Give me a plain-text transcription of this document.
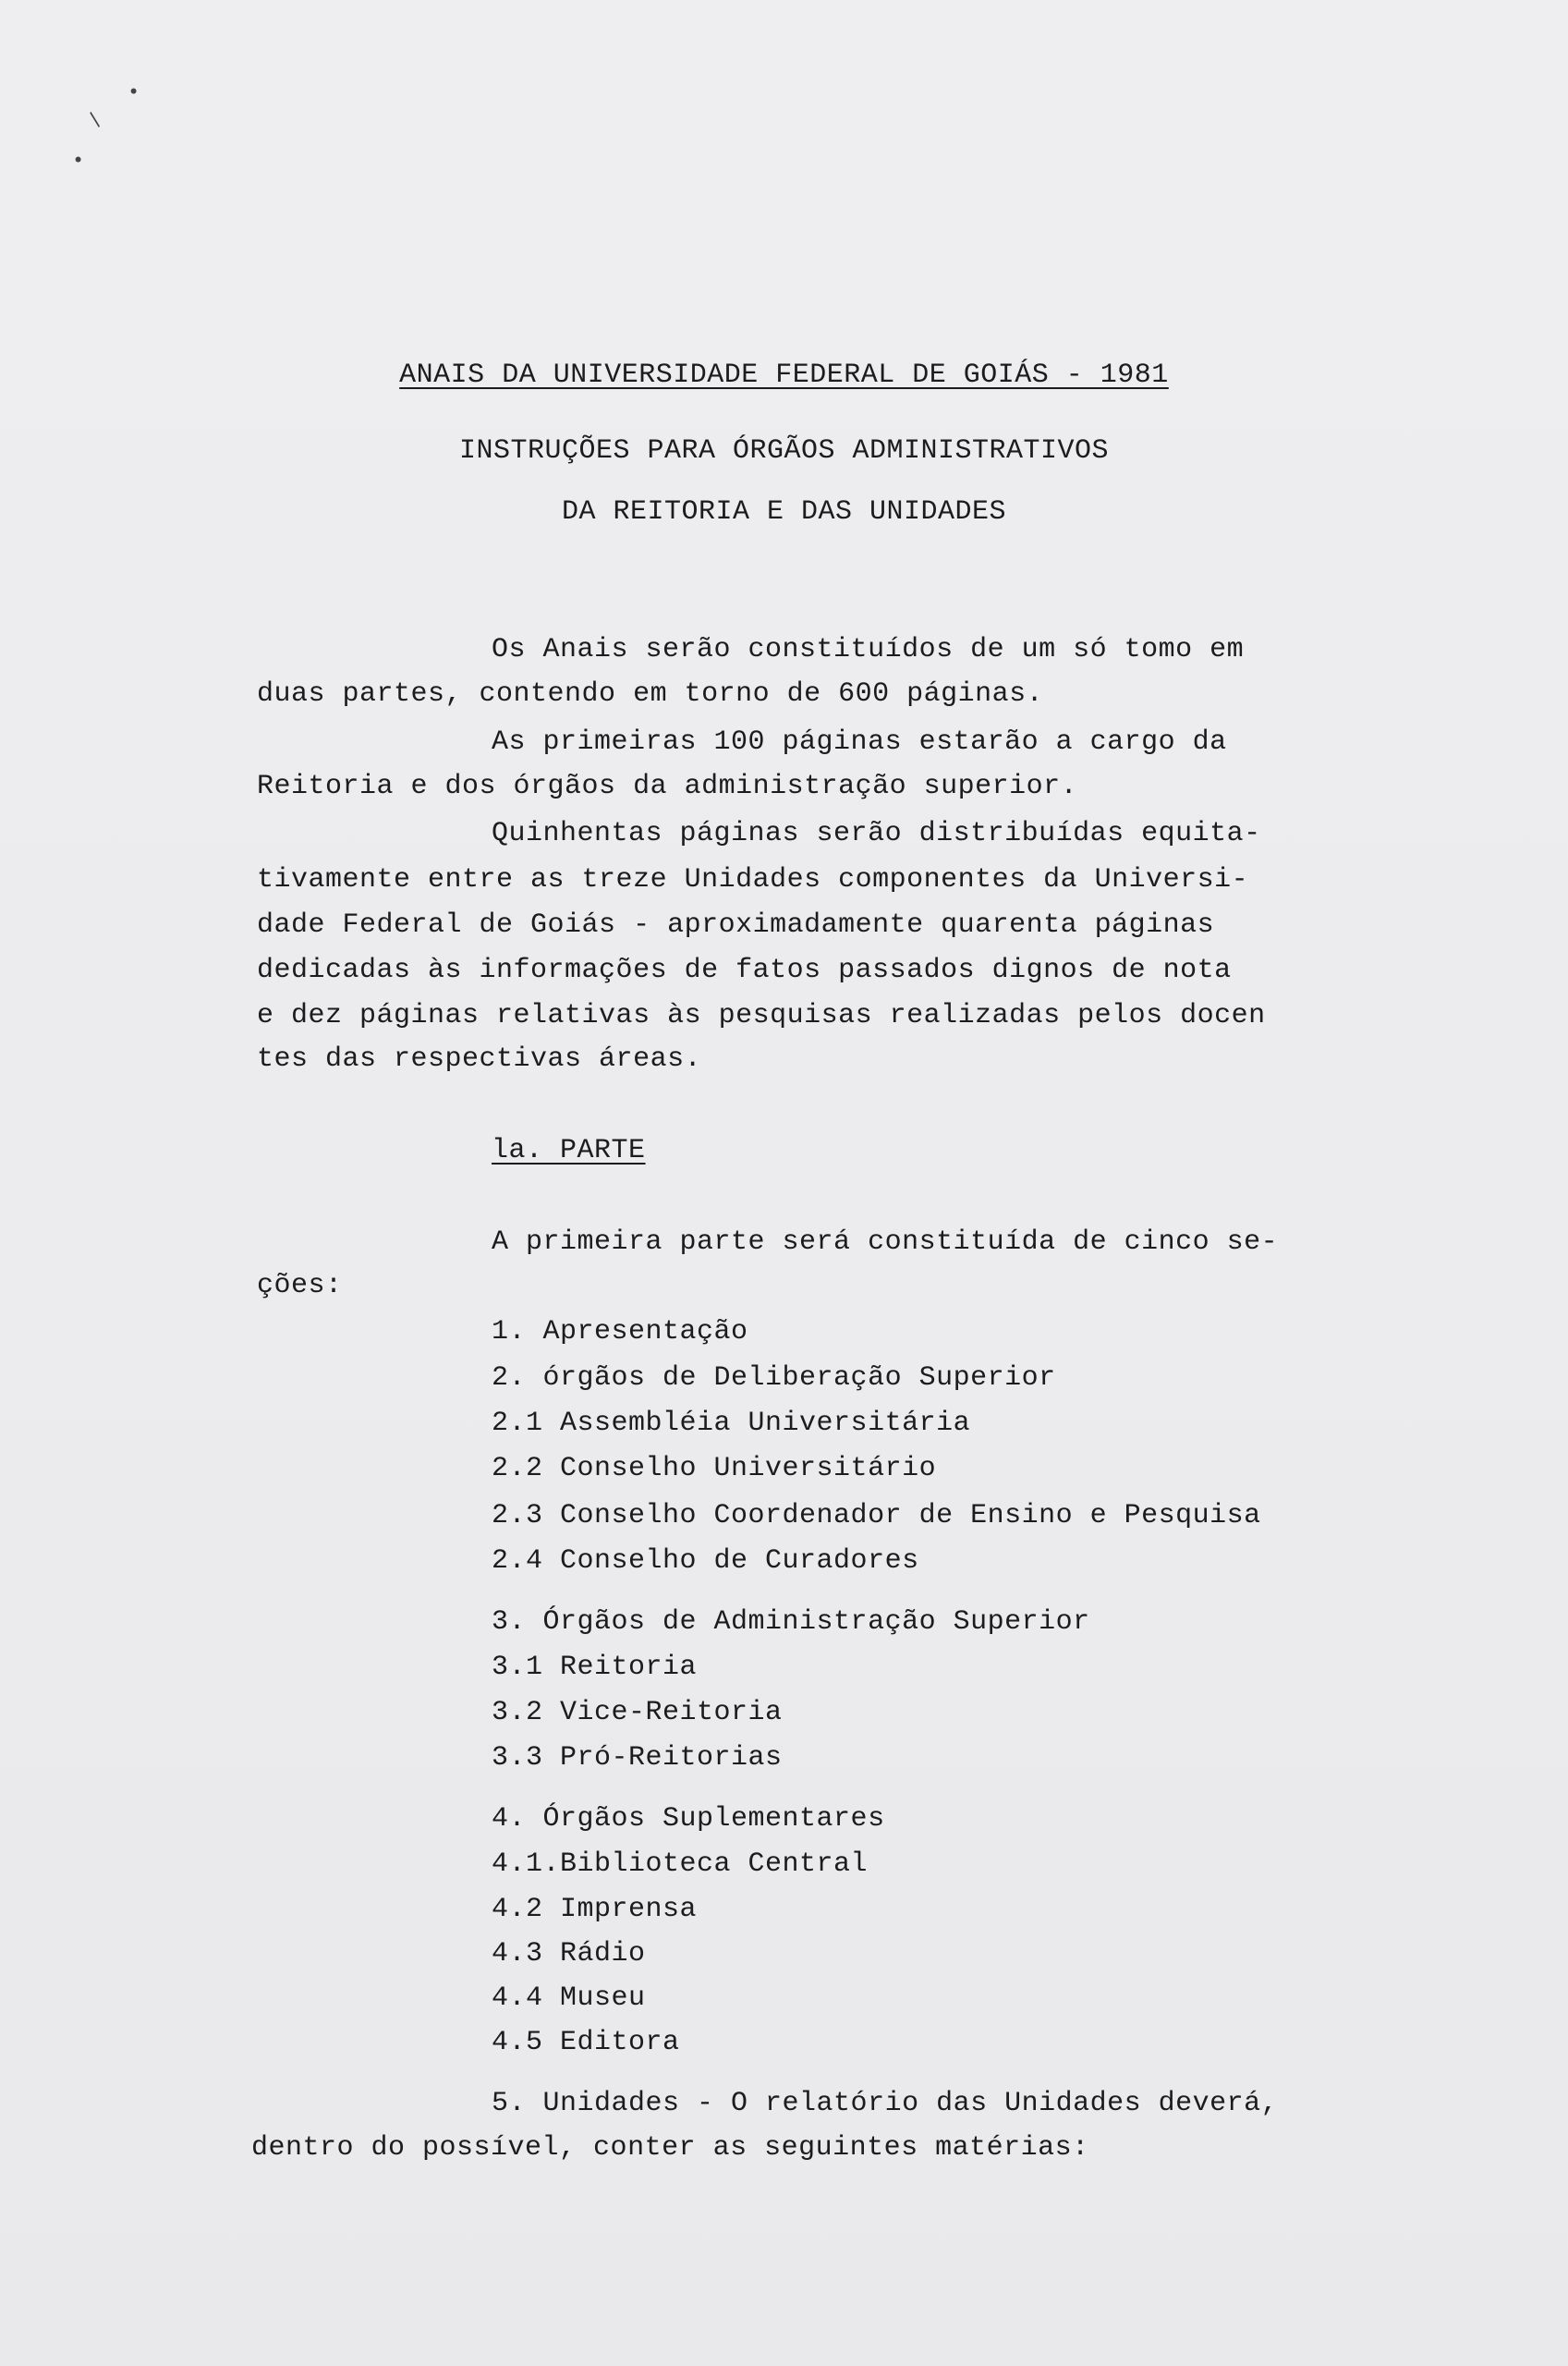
•
/
•
ANAIS DA UNIVERSIDADE FEDERAL DE GOIÁS - 1981
INSTRUÇÕES PARA ÓRGÃOS ADMINISTRATIVOS
DA REITORIA E DAS UNIDADES
Os Anais serão constituídos de um só tomo em
duas partes, contendo em torno de 600 páginas.
As primeiras 100 páginas estarão a cargo da
Reitoria e dos órgãos da administração superior.
Quinhentas páginas serão distribuídas equita-
tivamente entre as treze Unidades componentes da Universi-
dade Federal de Goiás - aproximadamente quarenta páginas
dedicadas às informações de fatos passados dignos de nota
e dez páginas relativas às pesquisas realizadas pelos docen
tes das respectivas áreas.
la. PARTE
A primeira parte será constituída de cinco se-
ções:
1. Apresentação
2. órgãos de Deliberação Superior
2.1 Assembléia Universitária
2.2 Conselho Universitário
2.3 Conselho Coordenador de Ensino e Pesquisa
2.4 Conselho de Curadores
3. Órgãos de Administração Superior
3.1 Reitoria
3.2 Vice-Reitoria
3.3 Pró-Reitorias
4. Órgãos Suplementares
4.1.Biblioteca Central
4.2 Imprensa
4.3 Rádio
4.4 Museu
4.5 Editora
5. Unidades - O relatório das Unidades deverá,
dentro do possível, conter as seguintes matérias:
